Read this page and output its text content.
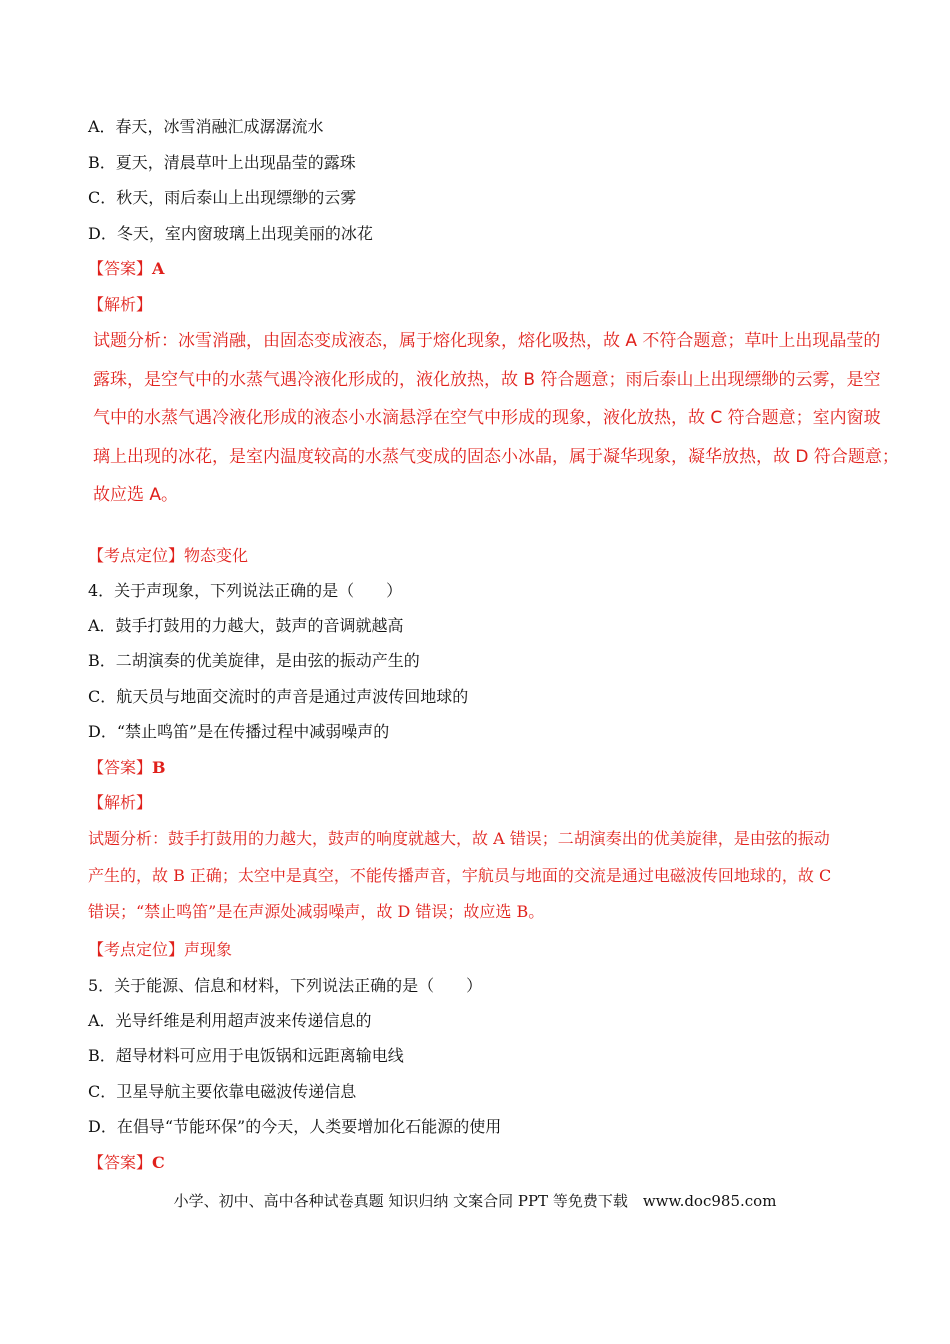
A．春天，冰雪消融汇成潺潺流水
B．夏天，清晨草叶上出现晶莹的露珠
C．秋天，雨后泰山上出现缥缈的云雾
D．冬天，室内窗玻璃上出现美丽的冰花
【答案】A
【解析】
试题分析：冰雪消融，由固态变成液态，属于熔化现象，熔化吸热，故 A 不符合题意；草叶上出现晶莹的
露珠，是空气中的水蒸气遇冷液化形成的，液化放热，故 B 符合题意；雨后泰山上出现缥缈的云雾，是空
气中的水蒸气遇冷液化形成的液态小水滴悬浮在空气中形成的现象，液化放热，故 C 符合题意；室内窗玻
璃上出现的冰花，是室内温度较高的水蒸气变成的固态小冰晶，属于凝华现象，凝华放热，故 D 符合题意；
故应选 A。
【考点定位】物态变化
4．关于声现象，下列说法正确的是（　　）
A．鼓手打鼓用的力越大，鼓声的音调就越高
B．二胡演奏的优美旋律，是由弦的振动产生的
C．航天员与地面交流时的声音是通过声波传回地球的
D．“禁止鸣笛”是在传播过程中减弱噪声的
【答案】B
【解析】
试题分析：鼓手打鼓用的力越大，鼓声的响度就越大，故 A 错误；二胡演奏出的优美旋律，是由弦的振动
产生的，故 B 正确；太空中是真空，不能传播声音，宇航员与地面的交流是通过电磁波传回地球的，故 C
错误；“禁止鸣笛”是在声源处减弱噪声，故 D 错误；故应选 B。
【考点定位】声现象
5．关于能源、信息和材料，下列说法正确的是（　　）
A．光导纤维是利用超声波来传递信息的
B．超导材料可应用于电饭锅和远距离输电线
C．卫星导航主要依靠电磁波传递信息
D．在倡导“节能环保”的今天，人类要增加化石能源的使用
【答案】C
小学、初中、高中各种试卷真题 知识归纳 文案合同 PPT 等免费下载　www.doc985.com
